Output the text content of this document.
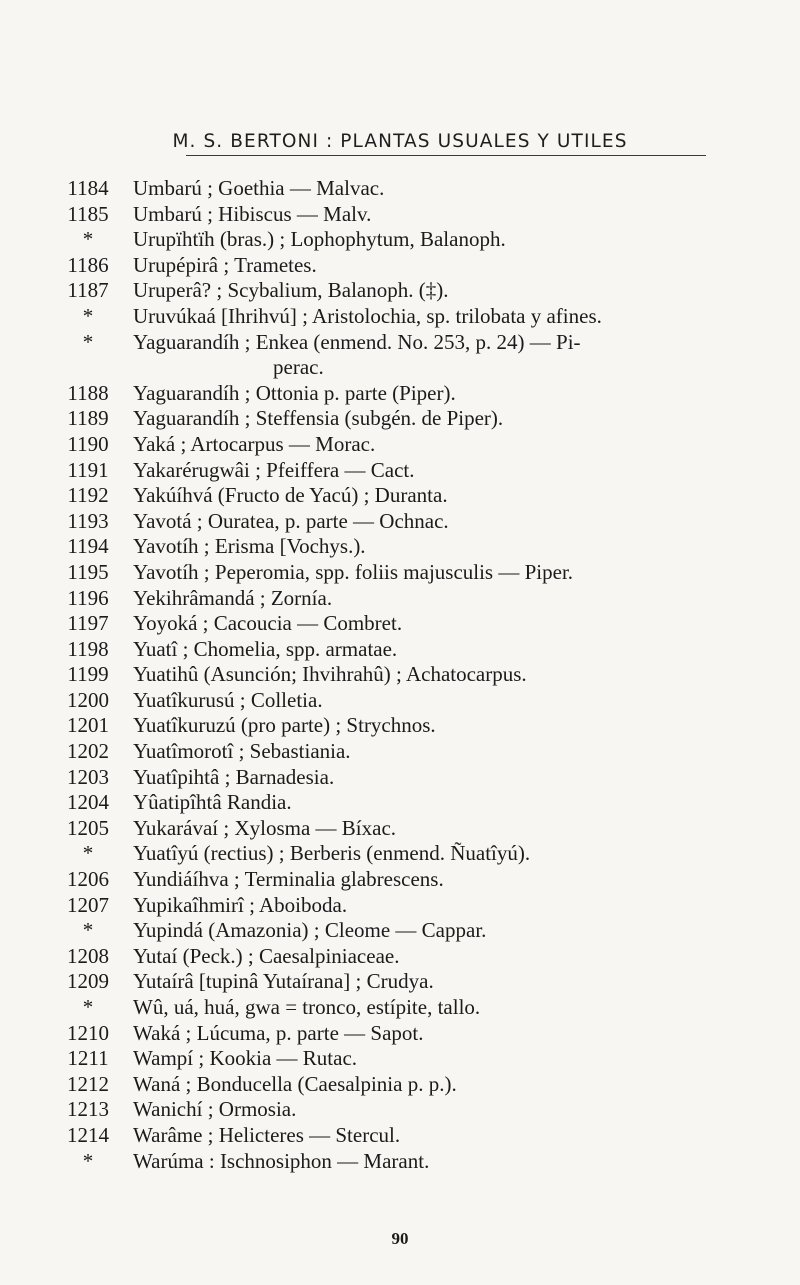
M. S. BERTONI : PLANTAS USUALES Y UTILES
1184	Umbarú ; Goethia — Malvac.
1185	Umbarú ; Hibiscus — Malv.
*	Urupïhtïh (bras.) ; Lophophytum, Balanoph.
1186	Urupépirâ ; Trametes.
1187	Uruperâ? ; Scybalium, Balanoph. (‡).
*	Uruvúkaá [Ihrihvú] ; Aristolochia, sp. trilobata y afines.
*	Yaguarandíh ; Enkea (enmend. No. 253, p. 24) — Pi-
perac.
1188	Yaguarandíh ; Ottonia p. parte (Piper).
1189	Yaguarandíh ; Steffensia (subgén. de Piper).
1190	Yaká ; Artocarpus — Morac.
1191	Yakarérugwâi ; Pfeiffera — Cact.
1192	Yakúíhvá (Fructo de Yacú) ; Duranta.
1193	Yavotá ; Ouratea, p. parte — Ochnac.
1194	Yavotíh ; Erisma [Vochys.).
1195	Yavotíh ; Peperomia, spp. foliis majusculis — Piper.
1196	Yekihrâmandá ; Zornía.
1197	Yoyoká ; Cacoucia — Combret.
1198	Yuatî ; Chomelia, spp. armatae.
1199	Yuatihû (Asunción; Ihvihrahû) ; Achatocarpus.
1200	Yuatîkurusú ; Colletia.
1201	Yuatîkuruzú (pro parte) ; Strychnos.
1202	Yuatîmorotî ; Sebastiania.
1203	Yuatîpihtâ ; Barnadesia.
1204	Yûatipîhtâ Randia.
1205	Yukarávaí ; Xylosma — Bíxac.
*	Yuatîyú (rectius) ; Berberis (enmend. Ñuatîyú).
1206	Yundiáíhva ; Terminalia glabrescens.
1207	Yupikaîhmirî ; Aboiboda.
*	Yupindá (Amazonia) ; Cleome — Cappar.
1208	Yutaí (Peck.) ; Caesalpiniaceae.
1209	Yutaírâ [tupinâ Yutaírana] ; Crudya.
*	Wû, uá, huá, gwa = tronco, estípite, tallo.
1210	Waká ; Lúcuma, p. parte — Sapot.
1211	Wampí ; Kookia — Rutac.
1212	Waná ; Bonducella (Caesalpinia p. p.).
1213	Wanichí ; Ormosia.
1214	Warâme ; Helicteres — Stercul.
*	Warúma : Ischnosiphon — Marant.
90
